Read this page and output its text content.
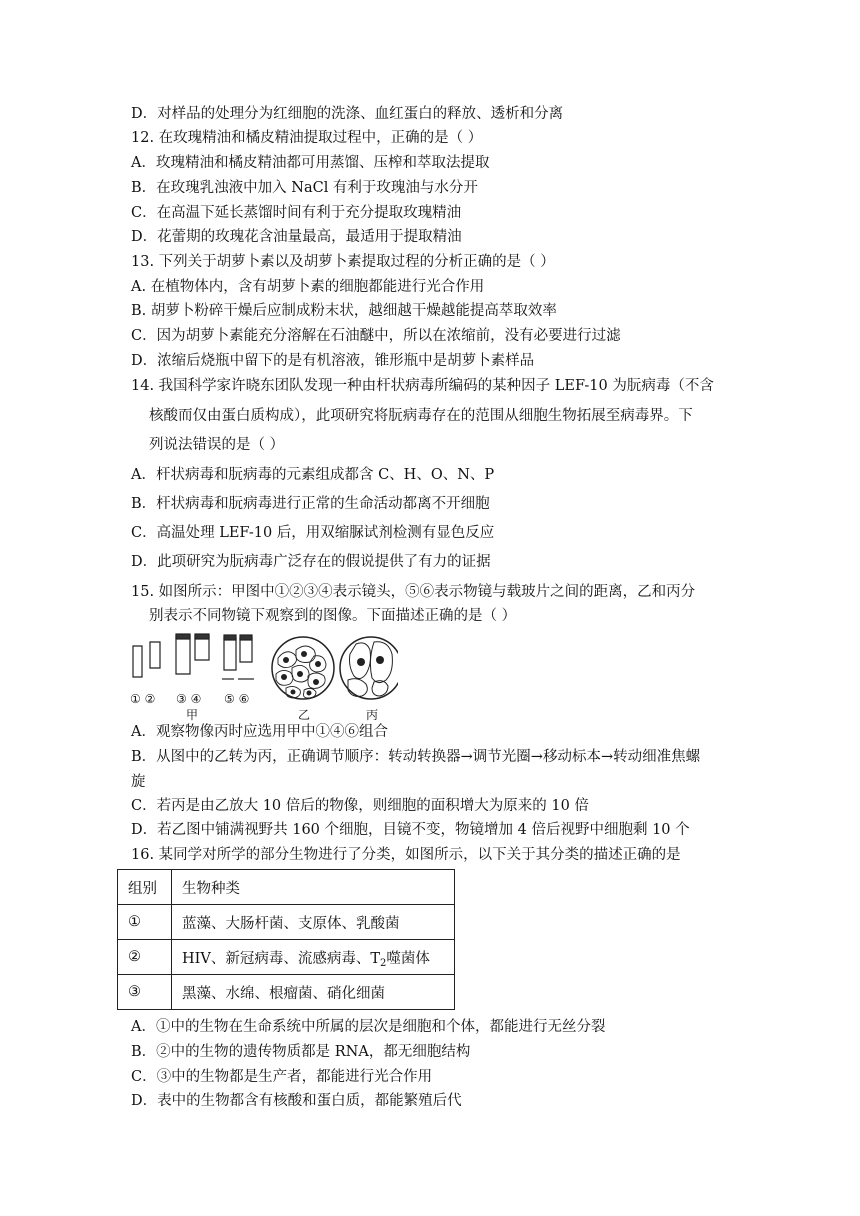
D．对样品的处理分为红细胞的洗涤、血红蛋白的释放、透析和分离
12. 在玫瑰精油和橘皮精油提取过程中，正确的是（ ）
A．玫瑰精油和橘皮精油都可用蒸馏、压榨和萃取法提取
B．在玫瑰乳浊液中加入 NaCl 有利于玫瑰油与水分开
C．在高温下延长蒸馏时间有利于充分提取玫瑰精油
D．花蕾期的玫瑰花含油量最高，最适用于提取精油
13. 下列关于胡萝卜素以及胡萝卜素提取过程的分析正确的是（ ）
A. 在植物体内，含有胡萝卜素的细胞都能进行光合作用
B. 胡萝卜粉碎干燥后应制成粉末状，越细越干燥越能提高萃取效率
C．因为胡萝卜素能充分溶解在石油醚中，所以在浓缩前，没有必要进行过滤
D．浓缩后烧瓶中留下的是有机溶液，锥形瓶中是胡萝卜素样品
14. 我国科学家许晓东团队发现一种由杆状病毒所编码的某种因子 LEF-10 为朊病毒（不含
核酸而仅由蛋白质构成），此项研究将朊病毒存在的范围从细胞生物拓展至病毒界。下
列说法错误的是（ ）
A．杆状病毒和朊病毒的元素组成都含 C、H、O、N、P
B．杆状病毒和朊病毒进行正常的生命活动都离不开细胞
C．高温处理 LEF-10 后，用双缩脲试剂检测有显色反应
D．此项研究为朊病毒广泛存在的假说提供了有力的证据
15. 如图所示：甲图中①②③④表示镜头，⑤⑥表示物镜与载玻片之间的距离，乙和丙分
别表示不同物镜下观察到的图像。下面描述正确的是（ ）
① ② ③ ④ ⑤ ⑥
甲	乙	丙
A．观察物像丙时应选用甲中①④⑥组合
B．从图中的乙转为丙，正确调节顺序：转动转换器→调节光圈→移动标本→转动细准焦螺
旋
C．若丙是由乙放大 10 倍后的物像，则细胞的面积增大为原来的 10 倍
D．若乙图中铺满视野共 160 个细胞，目镜不变，物镜增加 4 倍后视野中细胞剩 10 个
16. 某同学对所学的部分生物进行了分类，如图所示，以下关于其分类的描述正确的是
组别	生物种类
①	蓝藻、大肠杆菌、支原体、乳酸菌
②	HIV、新冠病毒、流感病毒、$T_2$噬菌体
③	黑藻、水绵、根瘤菌、硝化细菌
A．①中的生物在生命系统中所属的层次是细胞和个体，都能进行无丝分裂
B．②中的生物的遗传物质都是 RNA，都无细胞结构
C．③中的生物都是生产者，都能进行光合作用
D．表中的生物都含有核酸和蛋白质，都能繁殖后代
